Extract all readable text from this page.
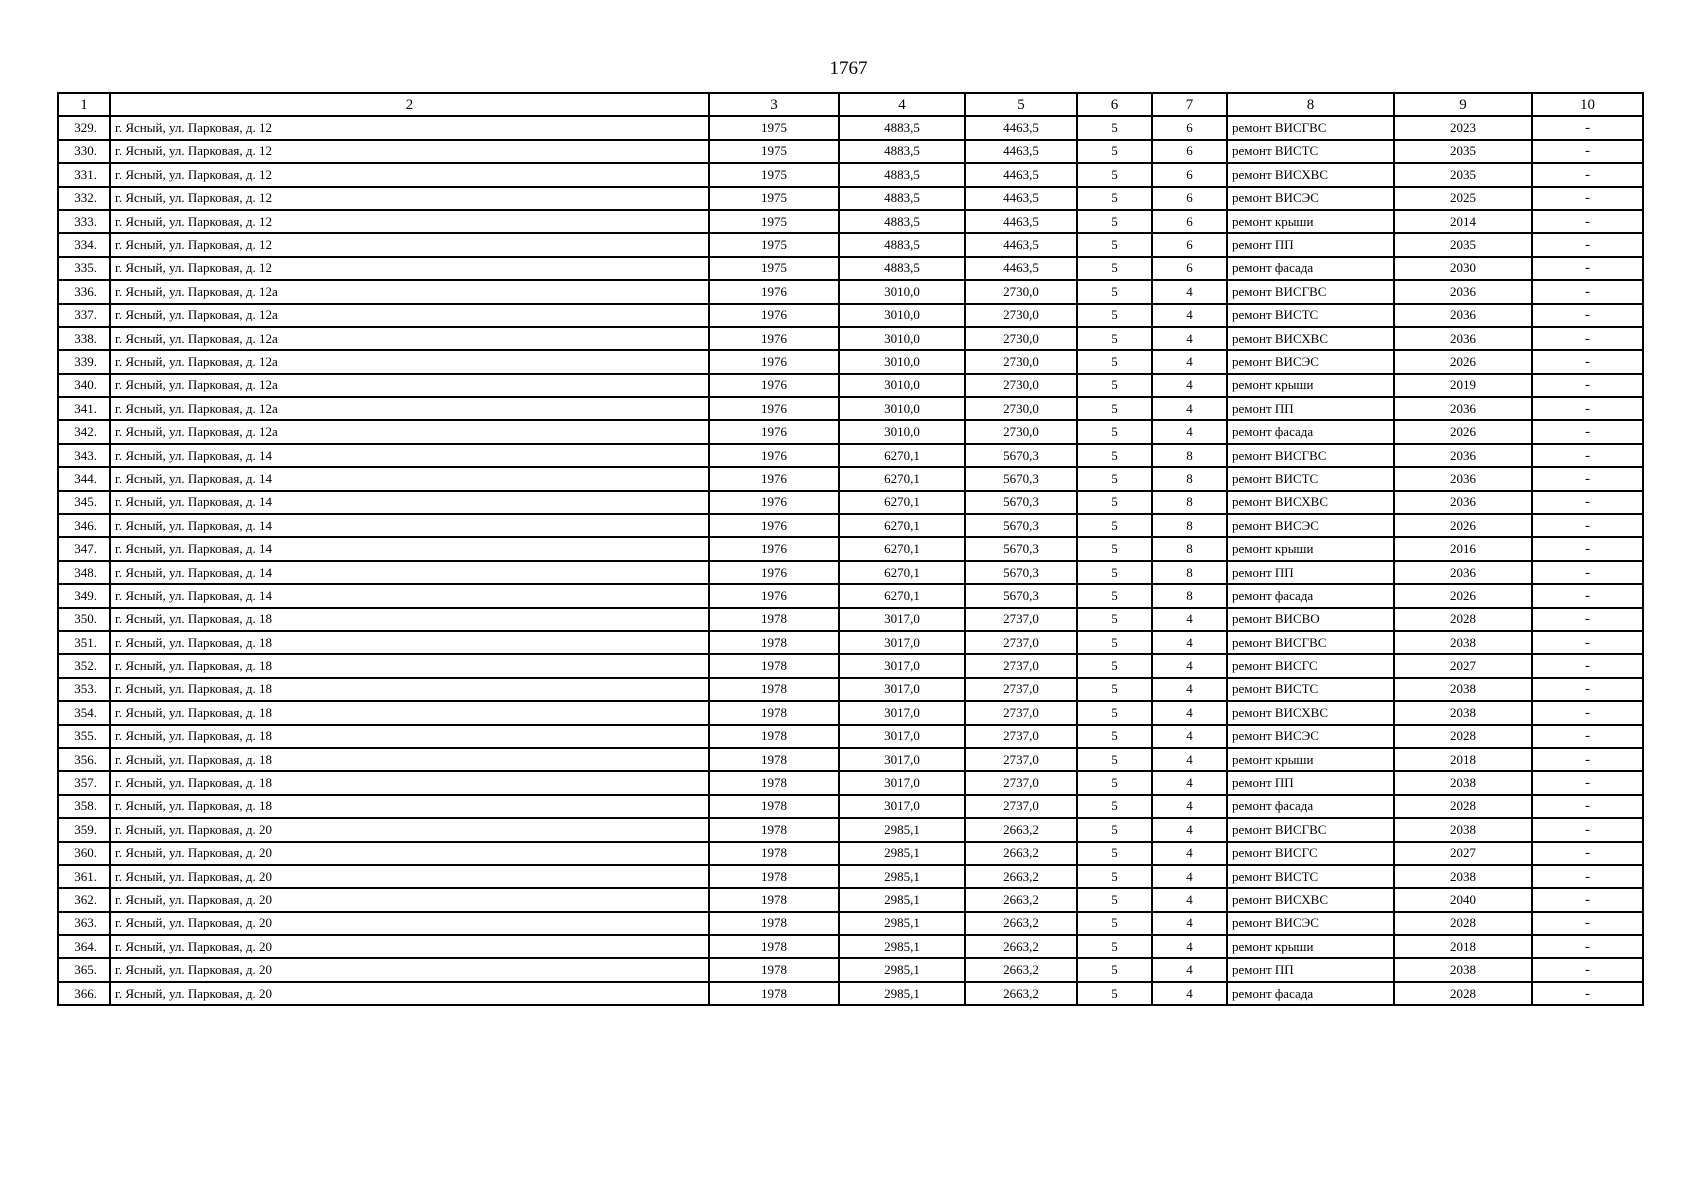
1767
1	2	3	4	5	6	7	8	9	10
329.	г. Ясный, ул. Парковая, д. 12	1975	4883,5	4463,5	5	6	ремонт ВИСГВС	2023	-
330.	г. Ясный, ул. Парковая, д. 12	1975	4883,5	4463,5	5	6	ремонт ВИСТС	2035	-
331.	г. Ясный, ул. Парковая, д. 12	1975	4883,5	4463,5	5	6	ремонт ВИСХВС	2035	-
332.	г. Ясный, ул. Парковая, д. 12	1975	4883,5	4463,5	5	6	ремонт ВИСЭС	2025	-
333.	г. Ясный, ул. Парковая, д. 12	1975	4883,5	4463,5	5	6	ремонт крыши	2014	-
334.	г. Ясный, ул. Парковая, д. 12	1975	4883,5	4463,5	5	6	ремонт ПП	2035	-
335.	г. Ясный, ул. Парковая, д. 12	1975	4883,5	4463,5	5	6	ремонт фасада	2030	-
336.	г. Ясный, ул. Парковая, д. 12а	1976	3010,0	2730,0	5	4	ремонт ВИСГВС	2036	-
337.	г. Ясный, ул. Парковая, д. 12а	1976	3010,0	2730,0	5	4	ремонт ВИСТС	2036	-
338.	г. Ясный, ул. Парковая, д. 12а	1976	3010,0	2730,0	5	4	ремонт ВИСХВС	2036	-
339.	г. Ясный, ул. Парковая, д. 12а	1976	3010,0	2730,0	5	4	ремонт ВИСЭС	2026	-
340.	г. Ясный, ул. Парковая, д. 12а	1976	3010,0	2730,0	5	4	ремонт крыши	2019	-
341.	г. Ясный, ул. Парковая, д. 12а	1976	3010,0	2730,0	5	4	ремонт ПП	2036	-
342.	г. Ясный, ул. Парковая, д. 12а	1976	3010,0	2730,0	5	4	ремонт фасада	2026	-
343.	г. Ясный, ул. Парковая, д. 14	1976	6270,1	5670,3	5	8	ремонт ВИСГВС	2036	-
344.	г. Ясный, ул. Парковая, д. 14	1976	6270,1	5670,3	5	8	ремонт ВИСТС	2036	-
345.	г. Ясный, ул. Парковая, д. 14	1976	6270,1	5670,3	5	8	ремонт ВИСХВС	2036	-
346.	г. Ясный, ул. Парковая, д. 14	1976	6270,1	5670,3	5	8	ремонт ВИСЭС	2026	-
347.	г. Ясный, ул. Парковая, д. 14	1976	6270,1	5670,3	5	8	ремонт крыши	2016	-
348.	г. Ясный, ул. Парковая, д. 14	1976	6270,1	5670,3	5	8	ремонт ПП	2036	-
349.	г. Ясный, ул. Парковая, д. 14	1976	6270,1	5670,3	5	8	ремонт фасада	2026	-
350.	г. Ясный, ул. Парковая, д. 18	1978	3017,0	2737,0	5	4	ремонт ВИСВО	2028	-
351.	г. Ясный, ул. Парковая, д. 18	1978	3017,0	2737,0	5	4	ремонт ВИСГВС	2038	-
352.	г. Ясный, ул. Парковая, д. 18	1978	3017,0	2737,0	5	4	ремонт ВИСГС	2027	-
353.	г. Ясный, ул. Парковая, д. 18	1978	3017,0	2737,0	5	4	ремонт ВИСТС	2038	-
354.	г. Ясный, ул. Парковая, д. 18	1978	3017,0	2737,0	5	4	ремонт ВИСХВС	2038	-
355.	г. Ясный, ул. Парковая, д. 18	1978	3017,0	2737,0	5	4	ремонт ВИСЭС	2028	-
356.	г. Ясный, ул. Парковая, д. 18	1978	3017,0	2737,0	5	4	ремонт крыши	2018	-
357.	г. Ясный, ул. Парковая, д. 18	1978	3017,0	2737,0	5	4	ремонт ПП	2038	-
358.	г. Ясный, ул. Парковая, д. 18	1978	3017,0	2737,0	5	4	ремонт фасада	2028	-
359.	г. Ясный, ул. Парковая, д. 20	1978	2985,1	2663,2	5	4	ремонт ВИСГВС	2038	-
360.	г. Ясный, ул. Парковая, д. 20	1978	2985,1	2663,2	5	4	ремонт ВИСГС	2027	-
361.	г. Ясный, ул. Парковая, д. 20	1978	2985,1	2663,2	5	4	ремонт ВИСТС	2038	-
362.	г. Ясный, ул. Парковая, д. 20	1978	2985,1	2663,2	5	4	ремонт ВИСХВС	2040	-
363.	г. Ясный, ул. Парковая, д. 20	1978	2985,1	2663,2	5	4	ремонт ВИСЭС	2028	-
364.	г. Ясный, ул. Парковая, д. 20	1978	2985,1	2663,2	5	4	ремонт крыши	2018	-
365.	г. Ясный, ул. Парковая, д. 20	1978	2985,1	2663,2	5	4	ремонт ПП	2038	-
366.	г. Ясный, ул. Парковая, д. 20	1978	2985,1	2663,2	5	4	ремонт фасада	2028	-
